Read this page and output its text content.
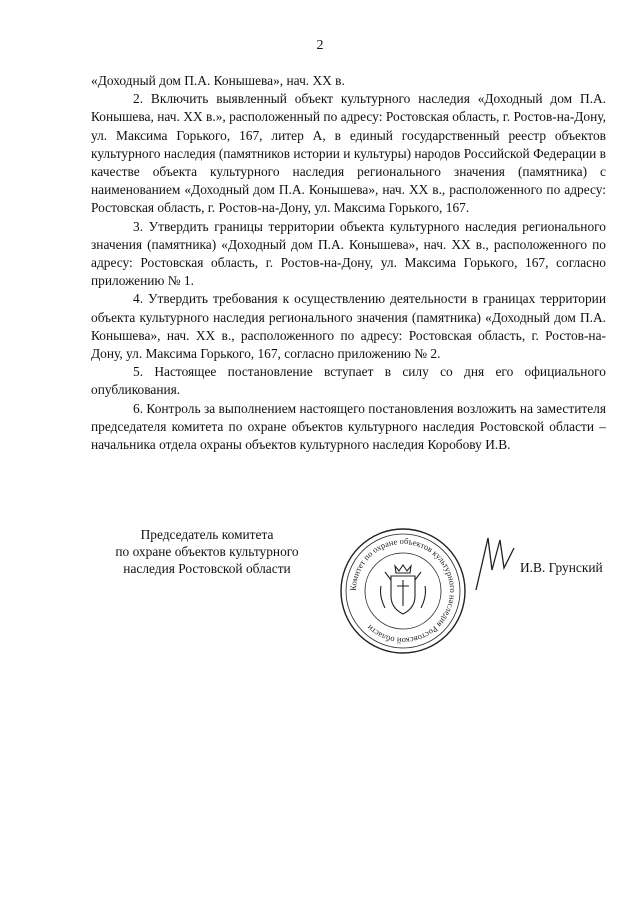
2

«Доходный дом П.А. Конышева», нач. XX в.

2. Включить выявленный объект культурного наследия «Доходный дом П.А. Конышева, нач. XX в.», расположенный по адресу: Ростовская область, г. Ростов-на-Дону, ул. Максима Горького, 167, литер А, в единый государственный реестр объектов культурного наследия (памятников истории и культуры) народов Российской Федерации в качестве объекта культурного наследия регионального значения (памятника) с наименованием «Доходный дом П.А. Конышева», нач. XX в., расположенного по адресу: Ростовская область, г. Ростов-на-Дону, ул. Максима Горького, 167.

3. Утвердить границы территории объекта культурного наследия регионального значения (памятника) «Доходный дом П.А. Конышева», нач. XX в., расположенного по адресу: Ростовская область, г. Ростов-на-Дону, ул. Максима Горького, 167, согласно приложению № 1.

4. Утвердить требования к осуществлению деятельности в границах территории объекта культурного наследия регионального значения (памятника) «Доходный дом П.А. Конышева», нач. XX в., расположенного по адресу: Ростовская область, г. Ростов-на-Дону, ул. Максима Горького, 167, согласно приложению № 2.

5. Настоящее постановление вступает в силу со дня его официального опубликования.

6. Контроль за выполнением настоящего постановления возложить на заместителя председателя комитета по охране объектов культурного наследия Ростовской области – начальника отдела охраны объектов культурного наследия Коробову И.В.

Председатель комитета
по охране объектов культурного
наследия Ростовской области
Комитет по охране объектов культурного наследия Ростовской области
И.В. Грунский
